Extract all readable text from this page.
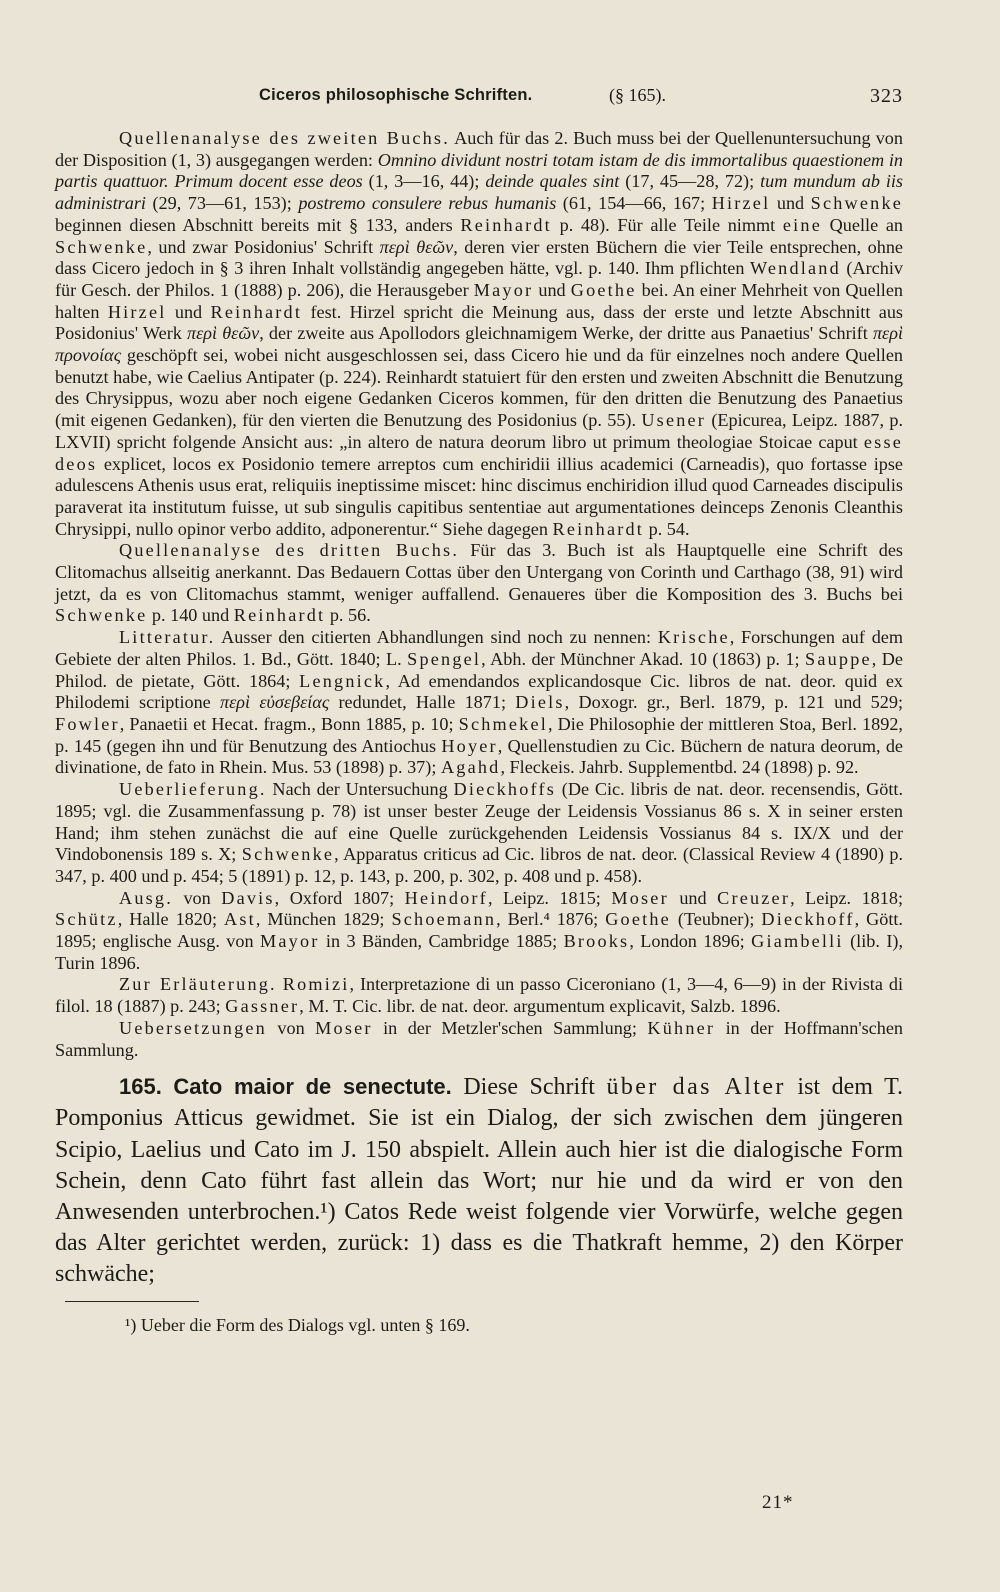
Ciceros philosophische Schriften.	(§ 165).	323

Quellenanalyse des zweiten Buchs. Auch für das 2. Buch muss bei der Quellenuntersuchung von der Disposition (1, 3) ausgegangen werden: Omnino dividunt nostri totam istam de dis immortalibus quaestionem in partis quattuor. Primum docent esse deos (1, 3—16, 44); deinde quales sint (17, 45—28, 72); tum mundum ab iis administrari (29, 73—61, 153); postremo consulere rebus humanis (61, 154—66, 167; Hirzel und Schwenke beginnen diesen Abschnitt bereits mit § 133, anders Reinhardt p. 48). Für alle Teile nimmt eine Quelle an Schwenke, und zwar Posidonius' Schrift περὶ θεῶν, deren vier ersten Büchern die vier Teile entsprechen, ohne dass Cicero jedoch in § 3 ihren Inhalt vollständig angegeben hätte, vgl. p. 140. Ihm pflichten Wendland (Archiv für Gesch. der Philos. 1 (1888) p. 206), die Herausgeber Mayor und Goethe bei. An einer Mehrheit von Quellen halten Hirzel und Reinhardt fest. Hirzel spricht die Meinung aus, dass der erste und letzte Abschnitt aus Posidonius' Werk περὶ θεῶν, der zweite aus Apollodors gleichnamigem Werke, der dritte aus Panaetius' Schrift περὶ προνοίας geschöpft sei, wobei nicht ausgeschlossen sei, dass Cicero hie und da für einzelnes noch andere Quellen benutzt habe, wie Caelius Antipater (p. 224). Reinhardt statuiert für den ersten und zweiten Abschnitt die Benutzung des Chrysippus, wozu aber noch eigene Gedanken Ciceros kommen, für den dritten die Benutzung des Panaetius (mit eigenen Gedanken), für den vierten die Benutzung des Posidonius (p. 55). Usener (Epicurea, Leipz. 1887, p. LXVII) spricht folgende Ansicht aus: „in altero de natura deorum libro ut primum theologiae Stoicae caput esse deos explicet, locos ex Posidonio temere arreptos cum enchiridii illius academici (Carneadis), quo fortasse ipse adulescens Athenis usus erat, reliquiis ineptissime miscet: hinc discimus enchiridion illud quod Carneades discipulis paraverat ita institutum fuisse, ut sub singulis capitibus sententiae aut argumentationes deinceps Zenonis Cleanthis Chrysippi, nullo opinor verbo addito, adponerentur.“ Siehe dagegen Reinhardt p. 54.

Quellenanalyse des dritten Buchs. Für das 3. Buch ist als Hauptquelle eine Schrift des Clitomachus allseitig anerkannt. Das Bedauern Cottas über den Untergang von Corinth und Carthago (38, 91) wird jetzt, da es von Clitomachus stammt, weniger auffallend. Genaueres über die Komposition des 3. Buchs bei Schwenke p. 140 und Reinhardt p. 56.

Litteratur. Ausser den citierten Abhandlungen sind noch zu nennen: Krische, Forschungen auf dem Gebiete der alten Philos. 1. Bd., Gött. 1840; L. Spengel, Abh. der Münchner Akad. 10 (1863) p. 1; Sauppe, De Philod. de pietate, Gött. 1864; Lengnick, Ad emendandos explicandosque Cic. libros de nat. deor. quid ex Philodemi scriptione περὶ εὐσεβείας redundet, Halle 1871; Diels, Doxogr. gr., Berl. 1879, p. 121 und 529; Fowler, Panaetii et Hecat. fragm., Bonn 1885, p. 10; Schmekel, Die Philosophie der mittleren Stoa, Berl. 1892, p. 145 (gegen ihn und für Benutzung des Antiochus Hoyer, Quellenstudien zu Cic. Büchern de natura deorum, de divinatione, de fato in Rhein. Mus. 53 (1898) p. 37); Agahd, Fleckeis. Jahrb. Supplementbd. 24 (1898) p. 92.

Ueberlieferung. Nach der Untersuchung Dieckhoffs (De Cic. libris de nat. deor. recensendis, Gött. 1895; vgl. die Zusammenfassung p. 78) ist unser bester Zeuge der Leidensis Vossianus 86 s. X in seiner ersten Hand; ihm stehen zunächst die auf eine Quelle zurückgehenden Leidensis Vossianus 84 s. IX/X und der Vindobonensis 189 s. X; Schwenke, Apparatus criticus ad Cic. libros de nat. deor. (Classical Review 4 (1890) p. 347, p. 400 und p. 454; 5 (1891) p. 12, p. 143, p. 200, p. 302, p. 408 und p. 458).

Ausg. von Davis, Oxford 1807; Heindorf, Leipz. 1815; Moser und Creuzer, Leipz. 1818; Schütz, Halle 1820; Ast, München 1829; Schoemann, Berl.⁴ 1876; Goethe (Teubner); Dieckhoff, Gött. 1895; englische Ausg. von Mayor in 3 Bänden, Cambridge 1885; Brooks, London 1896; Giambelli (lib. I), Turin 1896.

Zur Erläuterung. Romizi, Interpretazione di un passo Ciceroniano (1, 3—4, 6—9) in der Rivista di filol. 18 (1887) p. 243; Gassner, M. T. Cic. libr. de nat. deor. argumentum explicavit, Salzb. 1896.

Uebersetzungen von Moser in der Metzler'schen Sammlung; Kühner in der Hoffmann'schen Sammlung.

165. Cato maior de senectute. Diese Schrift über das Alter ist dem T. Pomponius Atticus gewidmet. Sie ist ein Dialog, der sich zwischen dem jüngeren Scipio, Laelius und Cato im J. 150 abspielt. Allein auch hier ist die dialogische Form Schein, denn Cato führt fast allein das Wort; nur hie und da wird er von den Anwesenden unterbrochen.¹) Catos Rede weist folgende vier Vorwürfe, welche gegen das Alter gerichtet werden, zurück: 1) dass es die Thatkraft hemme, 2) den Körper schwäche;

¹) Ueber die Form des Dialogs vgl. unten § 169.
21*
